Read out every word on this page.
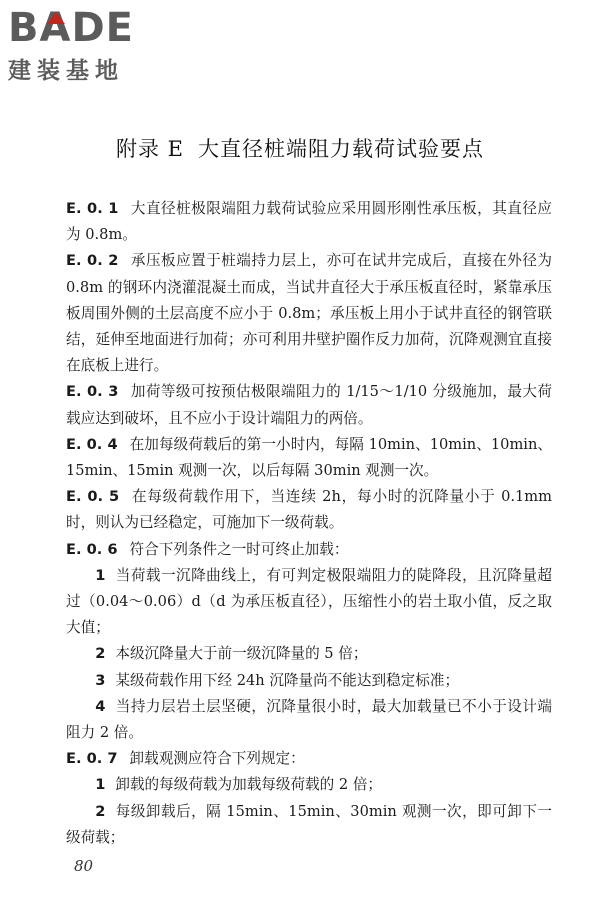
BADE
建装基地
附录 E 大直径桩端阻力载荷试验要点

E. 0. 1 大直径桩极限端阻力载荷试验应采用圆形刚性承压板，其直径应为 0.8m。

E. 0. 2 承压板应置于桩端持力层上，亦可在试井完成后，直接在外径为 0.8m 的钢环内浇灌混凝土而成，当试井直径大于承压板直径时，紧靠承压板周围外侧的土层高度不应小于 0.8m；承压板上用小于试井直径的钢管联结，延伸至地面进行加荷；亦可利用井壁护圈作反力加荷，沉降观测宜直接在底板上进行。

E. 0. 3 加荷等级可按预估极限端阻力的 1/15～1/10 分级施加，最大荷载应达到破坏，且不应小于设计端阻力的两倍。

E. 0. 4 在加每级荷载后的第一小时内，每隔 10min、10min、10min、15min、15min 观测一次，以后每隔 30min 观测一次。

E. 0. 5 在每级荷载作用下，当连续 2h，每小时的沉降量小于 0.1mm 时，则认为已经稳定，可施加下一级荷载。

E. 0. 6 符合下列条件之一时可终止加载：

1 当荷载一沉降曲线上，有可判定极限端阻力的陡降段，且沉降量超过（0.04～0.06）d（d 为承压板直径），压缩性小的岩土取小值，反之取大值；

2 本级沉降量大于前一级沉降量的 5 倍；

3 某级荷载作用下经 24h 沉降量尚不能达到稳定标准；

4 当持力层岩土层坚硬，沉降量很小时，最大加载量已不小于设计端阻力 2 倍。

E. 0. 7 卸载观测应符合下列规定：

1 卸载的每级荷载为加载每级荷载的 2 倍；

2 每级卸载后，隔 15min、15min、30min 观测一次，即可卸下一级荷载；

80
